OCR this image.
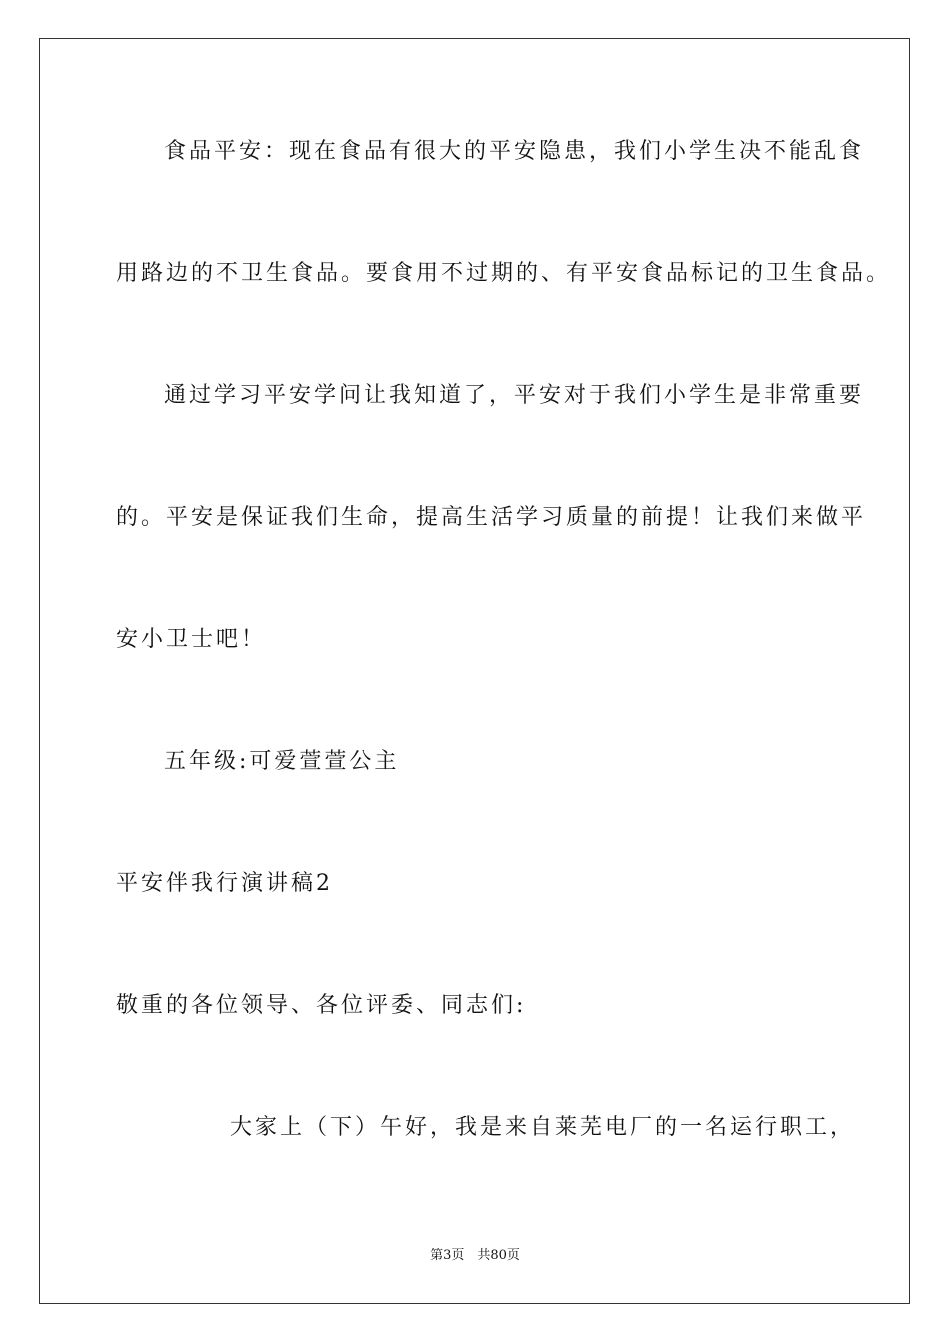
食品平安：现在食品有很大的平安隐患，我们小学生决不能乱食
用路边的不卫生食品。要食用不过期的、有平安食品标记的卫生食品。
通过学习平安学问让我知道了，平安对于我们小学生是非常重要
的。平安是保证我们生命，提高生活学习质量的前提！让我们来做平
安小卫士吧！
五年级:可爱萱萱公主
平安伴我行演讲稿2
敬重的各位领导、各位评委、同志们:
大家上（下）午好，我是来自莱芜电厂的一名运行职工，
第3页　共80页
